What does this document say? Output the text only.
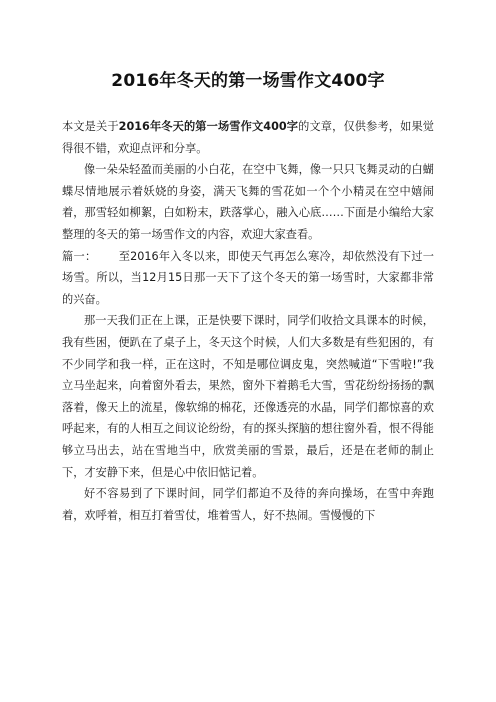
2016年冬天的第一场雪作文400字

本文是关于2016年冬天的第一场雪作文400字的文章，仅供参考，如果觉得很不错，欢迎点评和分享。

像一朵朵轻盈而美丽的小白花，在空中飞舞，像一只只飞舞灵动的白蝴蝶尽情地展示着妖娆的身姿，满天飞舞的雪花如一个个小精灵在空中嬉闹着，那雪轻如柳絮，白如粉末，跌落掌心，融入心底……下面是小编给大家整理的冬天的第一场雪作文的内容，欢迎大家查看。

篇一： 至2016年入冬以来，即使天气再怎么寒冷，却依然没有下过一场雪。所以，当12月15日那一天下了这个冬天的第一场雪时，大家都非常的兴奋。

那一天我们正在上课，正是快要下课时，同学们收拾文具课本的时候，我有些困，便趴在了桌子上，冬天这个时候，人们大多数是有些犯困的，有不少同学和我一样，正在这时，不知是哪位调皮鬼，突然喊道“下雪啦!”我立马坐起来，向着窗外看去，果然，窗外下着鹅毛大雪，雪花纷纷扬扬的飘落着，像天上的流星，像软绵的棉花，还像透亮的水晶，同学们都惊喜的欢呼起来，有的人相互之间议论纷纷，有的探头探脑的想往窗外看，恨不得能够立马出去，站在雪地当中，欣赏美丽的雪景，最后，还是在老师的制止下，才安静下来，但是心中依旧惦记着。

好不容易到了下课时间，同学们都迫不及待的奔向操场，在雪中奔跑着，欢呼着，相互打着雪仗，堆着雪人，好不热闹。雪慢慢的下
